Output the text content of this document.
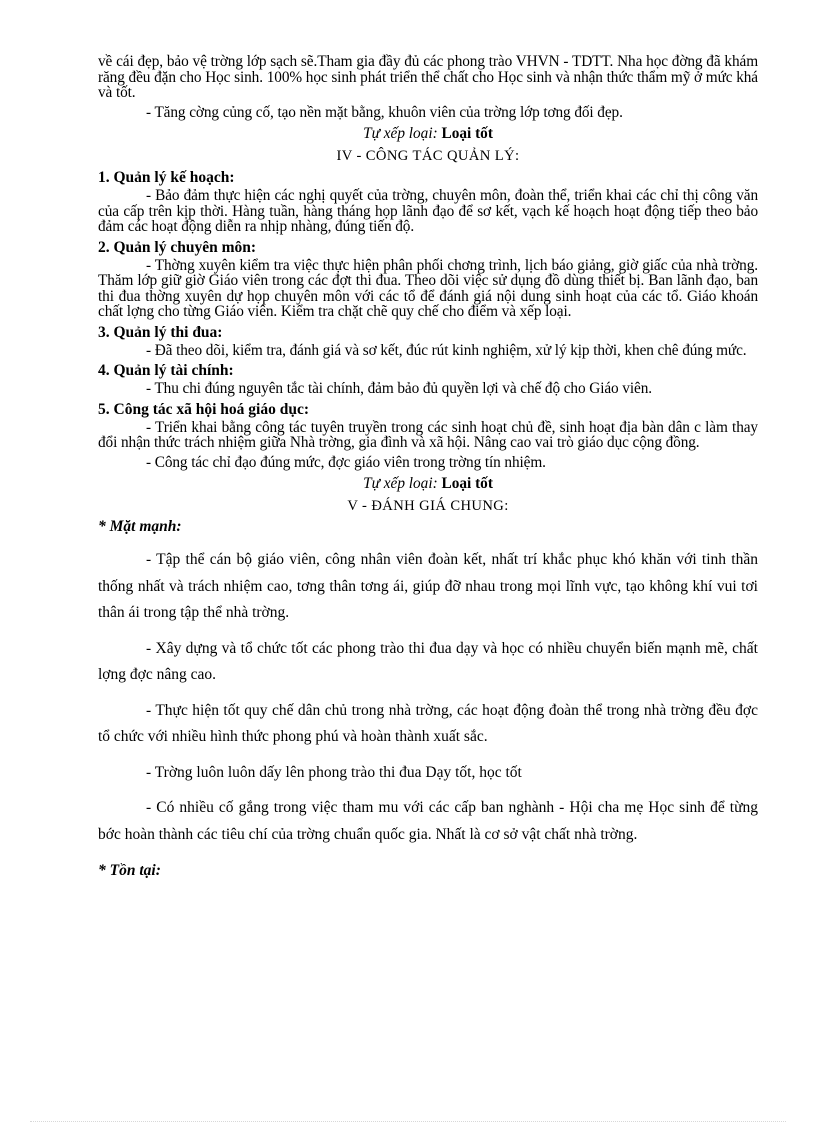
về cái đẹp, bảo vệ trờng lớp sạch sẽ.Tham gia đầy đủ các phong trào VHVN - TDTT. Nha học đờng đã khám răng đều đặn cho Học sinh. 100% học sinh phát triển thể chất cho Học sinh và nhận thức thẩm mỹ ở mức khá và tốt.

- Tăng cờng củng cố, tạo nền mặt bằng, khuôn viên của trờng lớp tơng đối đẹp.

Tự xếp loại: Loại tốt
IV - CÔNG TÁC QUẢN LÝ:
1. Quản lý kế hoạch:

- Bảo đảm thực hiện các nghị quyết của trờng, chuyên môn, đoàn thể, triển khai các chỉ thị công văn của cấp trên kịp thời. Hàng tuần, hàng tháng họp lãnh đạo để sơ kết, vạch kế hoạch hoạt động tiếp theo bảo đảm các hoạt động diễn ra nhịp nhàng, đúng tiến độ.

2. Quản lý chuyên môn:

- Thờng xuyên kiểm tra việc thực hiện phân phối chơng trình, lịch báo giảng, giờ giấc của nhà trờng. Thăm lớp giữ giờ Giáo viên trong các đợt thi đua. Theo dõi việc sử dụng đồ dùng thiết bị. Ban lãnh đạo, ban thi đua thờng xuyên dự họp chuyên môn với các tổ để đánh giá nội dung sinh hoạt của các tổ. Giáo khoán chất lợng cho từng Giáo viên. Kiểm tra chặt chẽ quy chế cho điểm và xếp loại.

3. Quản lý thi đua:

- Đã theo dõi, kiểm tra, đánh giá và sơ kết, đúc rút kinh nghiệm, xử lý kịp thời, khen chê đúng mức.

4. Quản lý tài chính:

- Thu chi đúng nguyên tắc tài chính, đảm bảo đủ quyền lợi và chế độ cho Giáo viên.

5. Công tác xã hội hoá giáo dục:

- Triển khai bằng công tác tuyên truyền trong các sinh hoạt chủ đề, sinh hoạt địa bàn dân c làm thay đổi nhận thức trách nhiệm giữa Nhà trờng, gia đình và xã hội. Nâng cao vai trò giáo dục cộng đồng.

- Công tác chỉ đạo đúng mức, đợc giáo viên trong trờng tín nhiệm.

Tự xếp loại: Loại tốt
V - ĐÁNH GIÁ CHUNG:
* Mặt mạnh:

- Tập thể cán bộ giáo viên, công nhân viên đoàn kết, nhất trí khắc phục khó khăn với tinh thần thống nhất và trách nhiệm cao, tơng thân tơng ái, giúp đỡ nhau trong mọi lĩnh vực, tạo không khí vui tơi thân ái trong tập thể nhà trờng.

- Xây dựng và tổ chức tốt các phong trào thi đua dạy và học có nhiều chuyển biến mạnh mẽ, chất lợng đợc nâng cao.

- Thực hiện tốt quy chế dân chủ trong nhà trờng, các hoạt động đoàn thể trong nhà trờng đều đợc tổ chức với nhiều hình thức phong phú và hoàn thành xuất sắc.

- Trờng luôn luôn dấy lên phong trào thi đua Dạy tốt, học tốt

- Có nhiều cố gắng trong việc tham mu với các cấp ban nghành - Hội cha mẹ Học sinh để từng bớc hoàn thành các tiêu chí của trờng chuẩn quốc gia. Nhất là cơ sở vật chất nhà trờng.

* Tồn tại:
